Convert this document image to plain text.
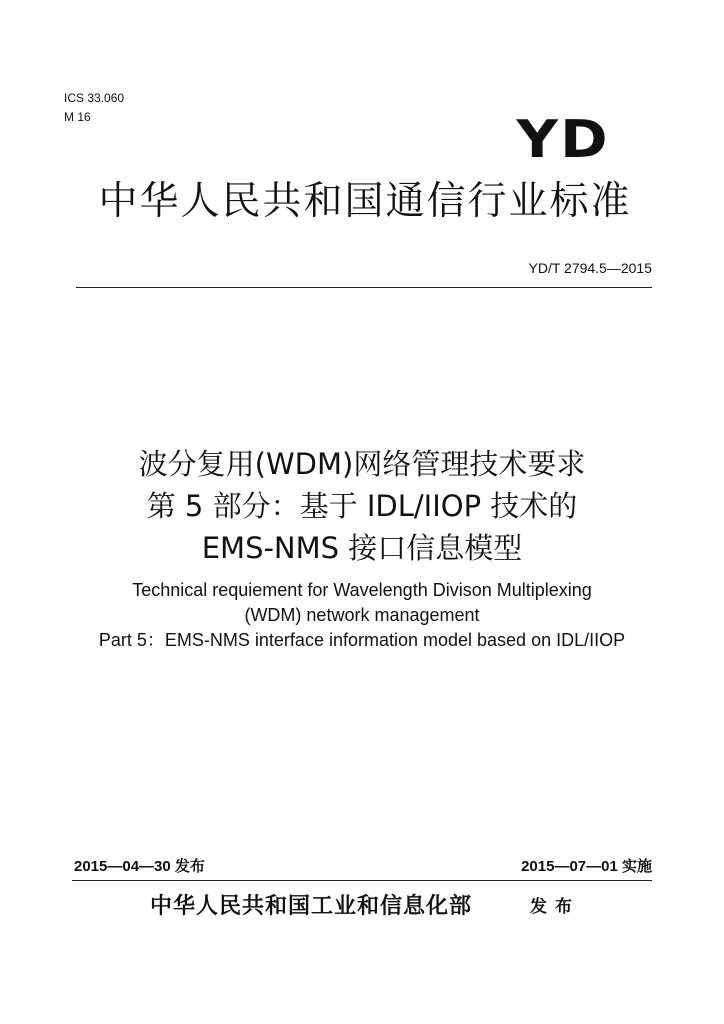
ICS 33.060
M 16	YD
中华人民共和国通信行业标准
YD/T 2794.5—2015
波分复用(WDM)网络管理技术要求
第 5 部分：基于 IDL/IIOP 技术的
EMS-NMS 接口信息模型
Technical requiement for Wavelength Divison Multiplexing
(WDM) network management
Part 5：EMS-NMS interface information model based on IDL/IIOP
2015—04—30 发布	2015—07—01 实施
中华人民共和国工业和信息化部	发布
